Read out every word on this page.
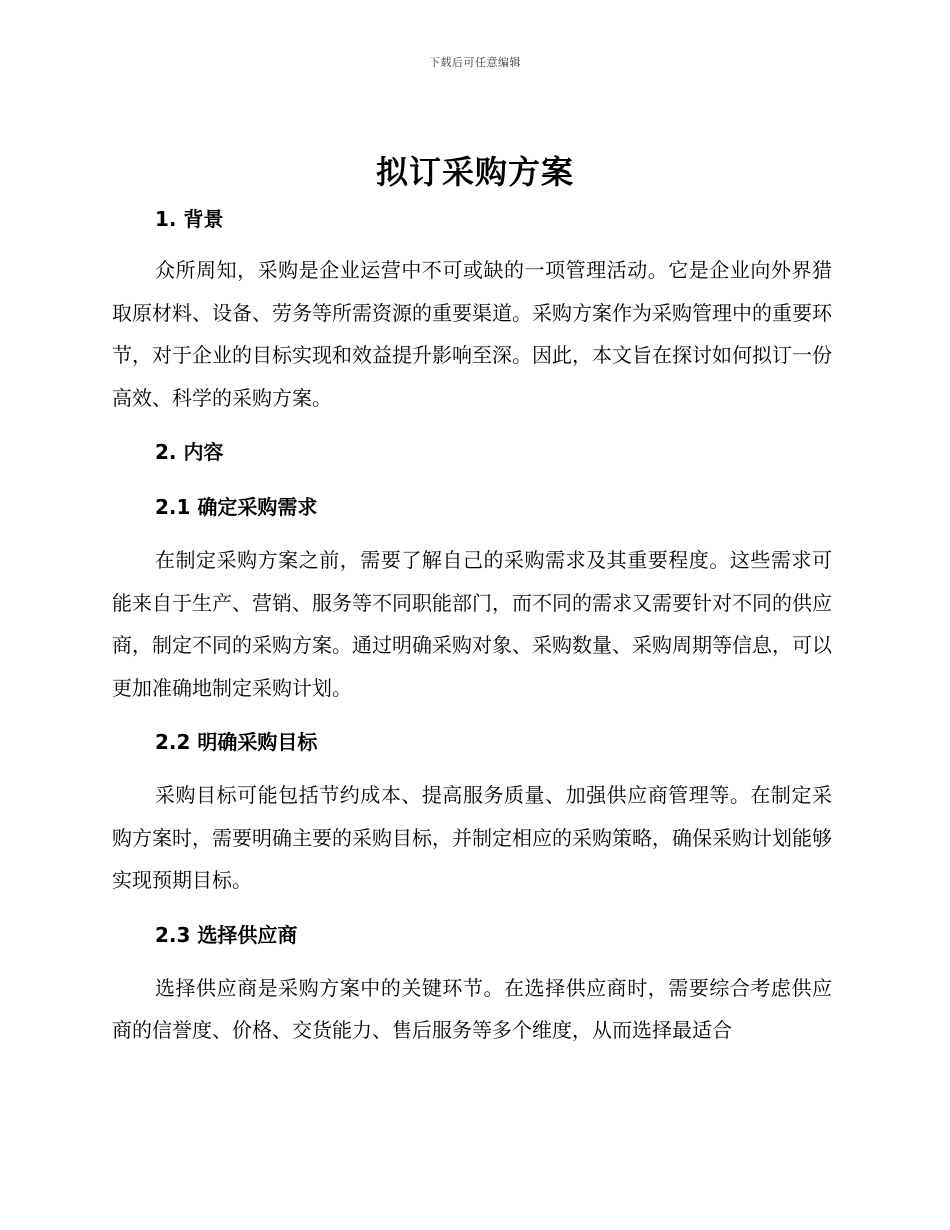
下载后可任意编辑
拟订采购方案
1. 背景

众所周知，采购是企业运营中不可或缺的一项管理活动。它是企业向外界猎取原材料、设备、劳务等所需资源的重要渠道。采购方案作为采购管理中的重要环节，对于企业的目标实现和效益提升影响至深。因此，本文旨在探讨如何拟订一份高效、科学的采购方案。

2. 内容
2.1 确定采购需求

在制定采购方案之前，需要了解自己的采购需求及其重要程度。这些需求可能来自于生产、营销、服务等不同职能部门，而不同的需求又需要针对不同的供应商，制定不同的采购方案。通过明确采购对象、采购数量、采购周期等信息，可以更加准确地制定采购计划。

2.2 明确采购目标

采购目标可能包括节约成本、提高服务质量、加强供应商管理等。在制定采购方案时，需要明确主要的采购目标，并制定相应的采购策略，确保采购计划能够实现预期目标。

2.3 选择供应商

选择供应商是采购方案中的关键环节。在选择供应商时，需要综合考虑供应商的信誉度、价格、交货能力、售后服务等多个维度，从而选择最适合
